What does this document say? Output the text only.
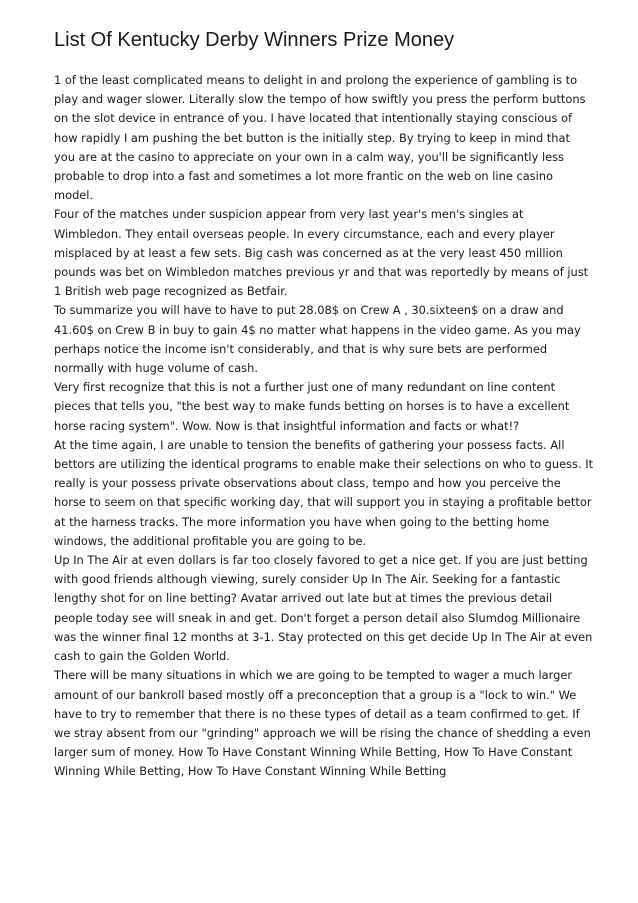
List Of Kentucky Derby Winners Prize Money

1 of the least complicated means to delight in and prolong the experience of gambling is to play and wager slower. Literally slow the tempo of how swiftly you press the perform buttons on the slot device in entrance of you. I have located that intentionally staying conscious of how rapidly I am pushing the bet button is the initially step. By trying to keep in mind that you are at the casino to appreciate on your own in a calm way, you'll be significantly less probable to drop into a fast and sometimes a lot more frantic on the web on line casino model.

Four of the matches under suspicion appear from very last year's men's singles at Wimbledon. They entail overseas people. In every circumstance, each and every player misplaced by at least a few sets. Big cash was concerned as at the very least 450 million pounds was bet on Wimbledon matches previous yr and that was reportedly by means of just 1 British web page recognized as Betfair.

To summarize you will have to have to put 28.08$ on Crew A , 30.sixteen$ on a draw and 41.60$ on Crew B in buy to gain 4$ no matter what happens in the video game. As you may perhaps notice the income isn't considerably, and that is why sure bets are performed normally with huge volume of cash.

Very first recognize that this is not a further just one of many redundant on line content pieces that tells you, "the best way to make funds betting on horses is to have a excellent horse racing system". Wow. Now is that insightful information and facts or what!?

At the time again, I are unable to tension the benefits of gathering your possess facts. All bettors are utilizing the identical programs to enable make their selections on who to guess. It really is your possess private observations about class, tempo and how you perceive the horse to seem on that specific working day, that will support you in staying a profitable bettor at the harness tracks. The more information you have when going to the betting home windows, the additional profitable you are going to be.

Up In The Air at even dollars is far too closely favored to get a nice get. If you are just betting with good friends although viewing, surely consider Up In The Air. Seeking for a fantastic lengthy shot for on line betting? Avatar arrived out late but at times the previous detail people today see will sneak in and get. Don't forget a person detail also Slumdog Millionaire was the winner final 12 months at 3-1. Stay protected on this get decide Up In The Air at even cash to gain the Golden World.

There will be many situations in which we are going to be tempted to wager a much larger amount of our bankroll based mostly off a preconception that a group is a "lock to win." We have to try to remember that there is no these types of detail as a team confirmed to get. If we stray absent from our "grinding" approach we will be rising the chance of shedding a even larger sum of money. How To Have Constant Winning While Betting, How To Have Constant Winning While Betting, How To Have Constant Winning While Betting
